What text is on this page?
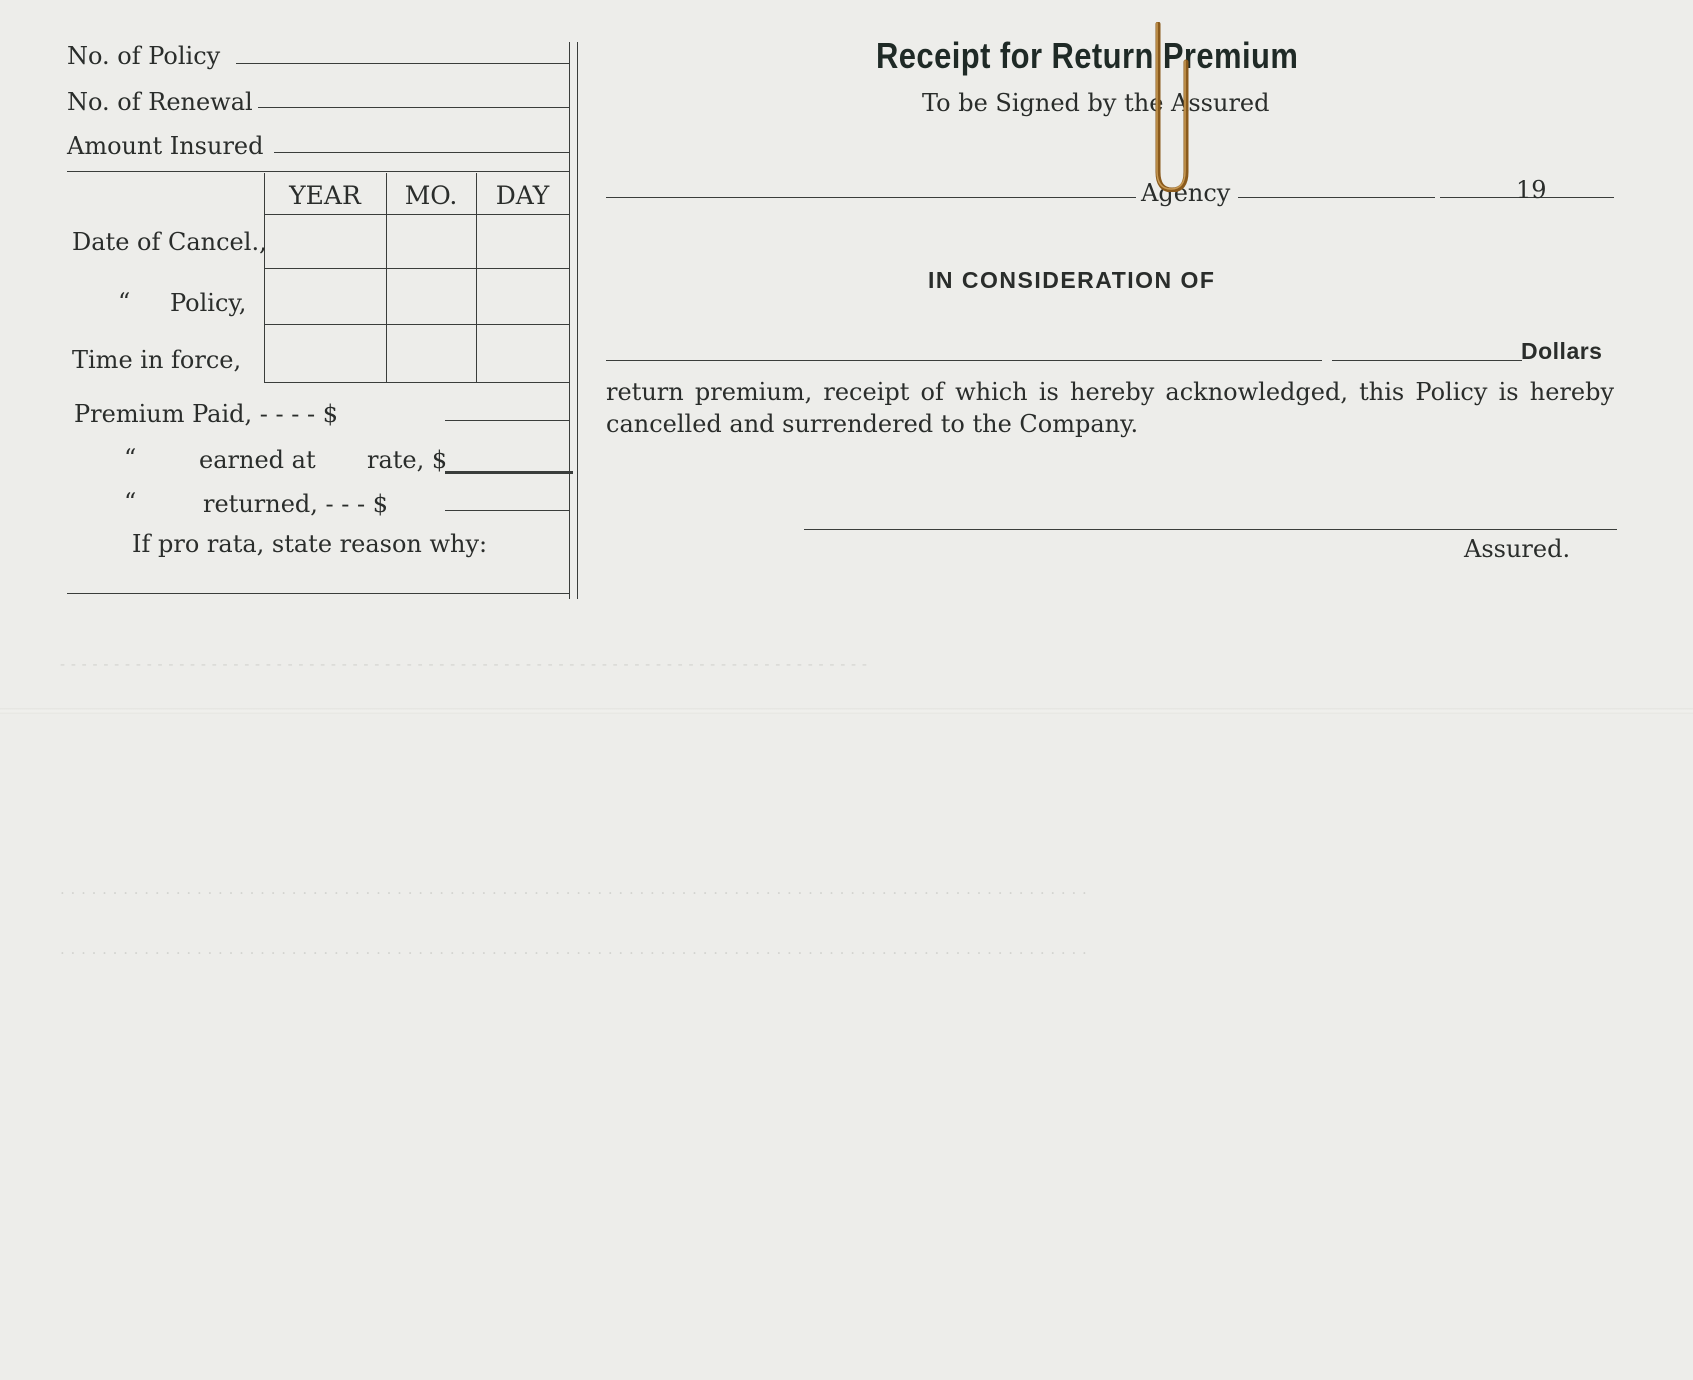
- - - - - - - - - - - - - - - - - - - - - - - - - - - - - - - - - - - - - - - - - - - - - - - - - - - - - - - - - - - - - - - - - - - - - - - - - - -
. . . . . . . . . . . . . . . . . . . . . . . . . . . . . . . . . . . . . . . . . . . . . . . . . . . . . . . . . . . . . . . . . . . . . . . . . . . . . . . . . . . . . . . . . . . . . . . . . .
. . . . . . . . . . . . . . . . . . . . . . . . . . . . . . . . . . . . . . . . . . . . . . . . . . . . . . . . . . . . . . . . . . . . . . . . . . . . . . . . . . . . . . . . . . . . . . . . . .
No. of Policy
No. of Renewal
Amount Insured
YEAR	MO.	DAY
Date of Cancel.,
“ Policy,
Time in force,
Premium Paid, - - - - $
“	earned at rate, $
“	returned, - - - $
If pro rata, state reason why:
Receipt for Return Premium
To be Signed by the Assured
Agency	19
IN CONSIDERATION OF
Dollars
return premium, receipt of which is hereby acknowledged, this Policy is hereby cancelled and surrendered to the Company.
Assured.
